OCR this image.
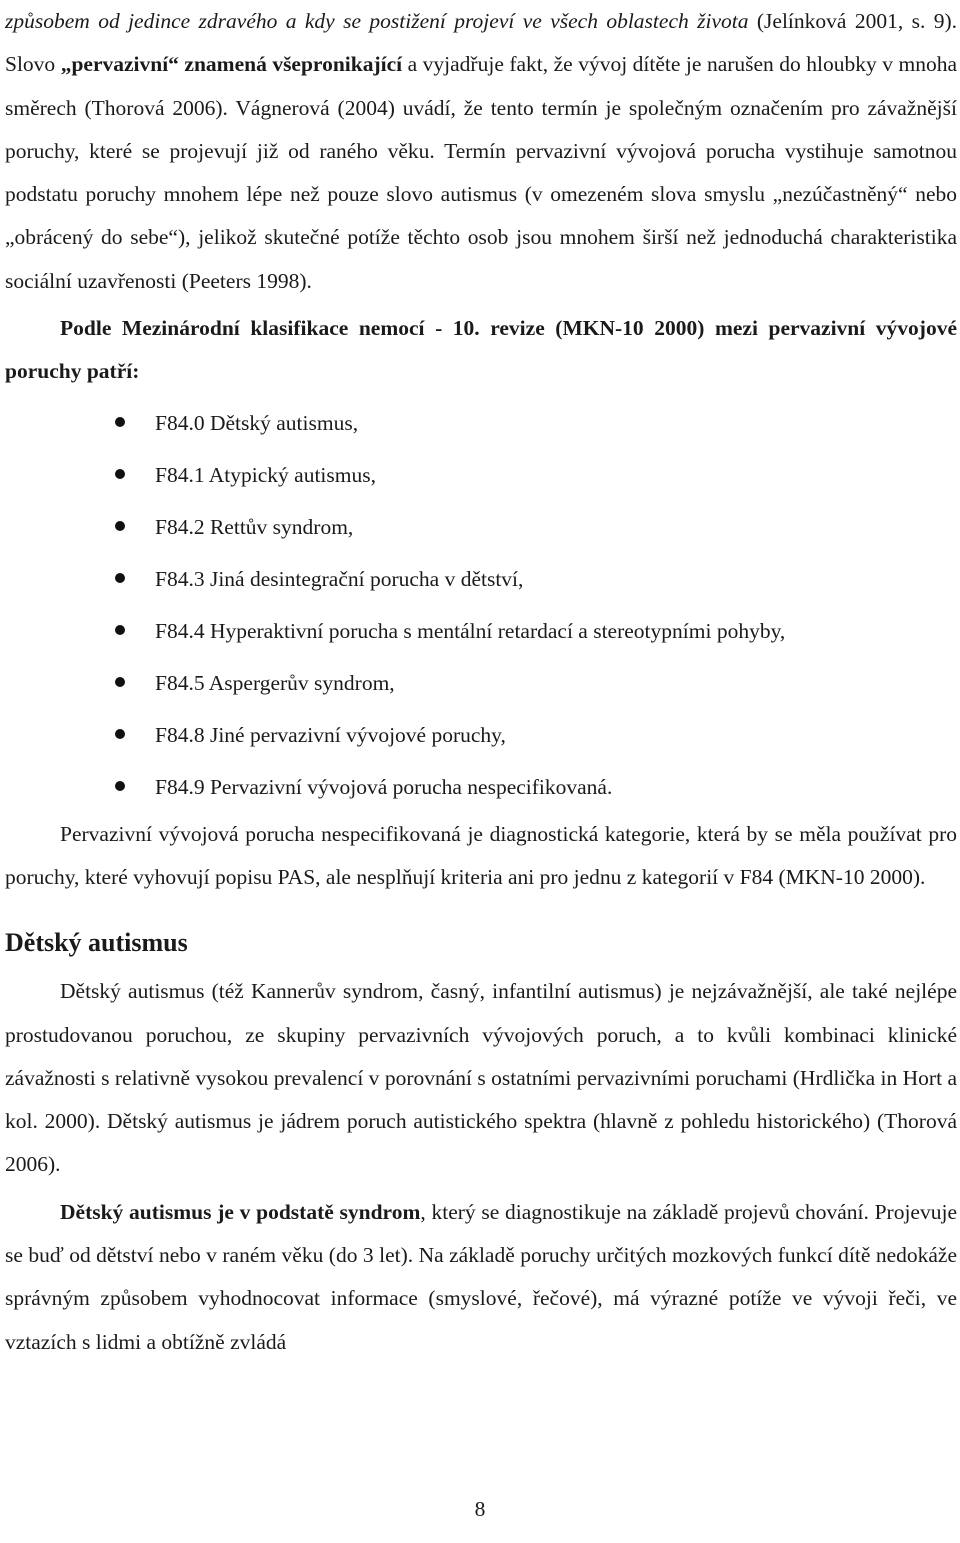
způsobem od jedince zdravého a kdy se postižení projeví ve všech oblastech života (Jelínková 2001, s. 9). Slovo „pervazivní“ znamená všepronikající a vyjadřuje fakt, že vývoj dítěte je narušen do hloubky v mnoha směrech (Thorová 2006). Vágnerová (2004) uvádí, že tento termín je společným označením pro závažnější poruchy, které se projevují již od raného věku. Termín pervazivní vývojová porucha vystihuje samotnou podstatu poruchy mnohem lépe než pouze slovo autismus (v omezeném slova smyslu „nezúčastněný“ nebo „obrácený do sebe“), jelikož skutečné potíže těchto osob jsou mnohem širší než jednoduchá charakteristika sociální uzavřenosti (Peeters 1998).

Podle Mezinárodní klasifikace nemocí - 10. revize (MKN-10 2000) mezi pervazivní vývojové poruchy patří:

F84.0 Dětský autismus,
F84.1 Atypický autismus,
F84.2 Rettův syndrom,
F84.3 Jiná desintegrační porucha v dětství,
F84.4 Hyperaktivní porucha s mentální retardací a stereotypními pohyby,
F84.5 Aspergerův syndrom,
F84.8 Jiné pervazivní vývojové poruchy,
F84.9 Pervazivní vývojová porucha nespecifikovaná.

Pervazivní vývojová porucha nespecifikovaná je diagnostická kategorie, která by se měla používat pro poruchy, které vyhovují popisu PAS, ale nesplňují kriteria ani pro jednu z kategorií v F84 (MKN-10 2000).

Dětský autismus

Dětský autismus (též Kannerův syndrom, časný, infantilní autismus) je nejzávažnější, ale také nejlépe prostudovanou poruchou, ze skupiny pervazivních vývojových poruch, a to kvůli kombinaci klinické závažnosti s relativně vysokou prevalencí v porovnání s ostatními pervazivními poruchami (Hrdlička in Hort a kol. 2000). Dětský autismus je jádrem poruch autistického spektra (hlavně z pohledu historického) (Thorová 2006).

Dětský autismus je v podstatě syndrom, který se diagnostikuje na základě projevů chování. Projevuje se buď od dětství nebo v raném věku (do 3 let). Na základě poruchy určitých mozkových funkcí dítě nedokáže správným způsobem vyhodnocovat informace (smyslové, řečové), má výrazné potíže ve vývoji řeči, ve vztazích s lidmi a obtížně zvládá

8
